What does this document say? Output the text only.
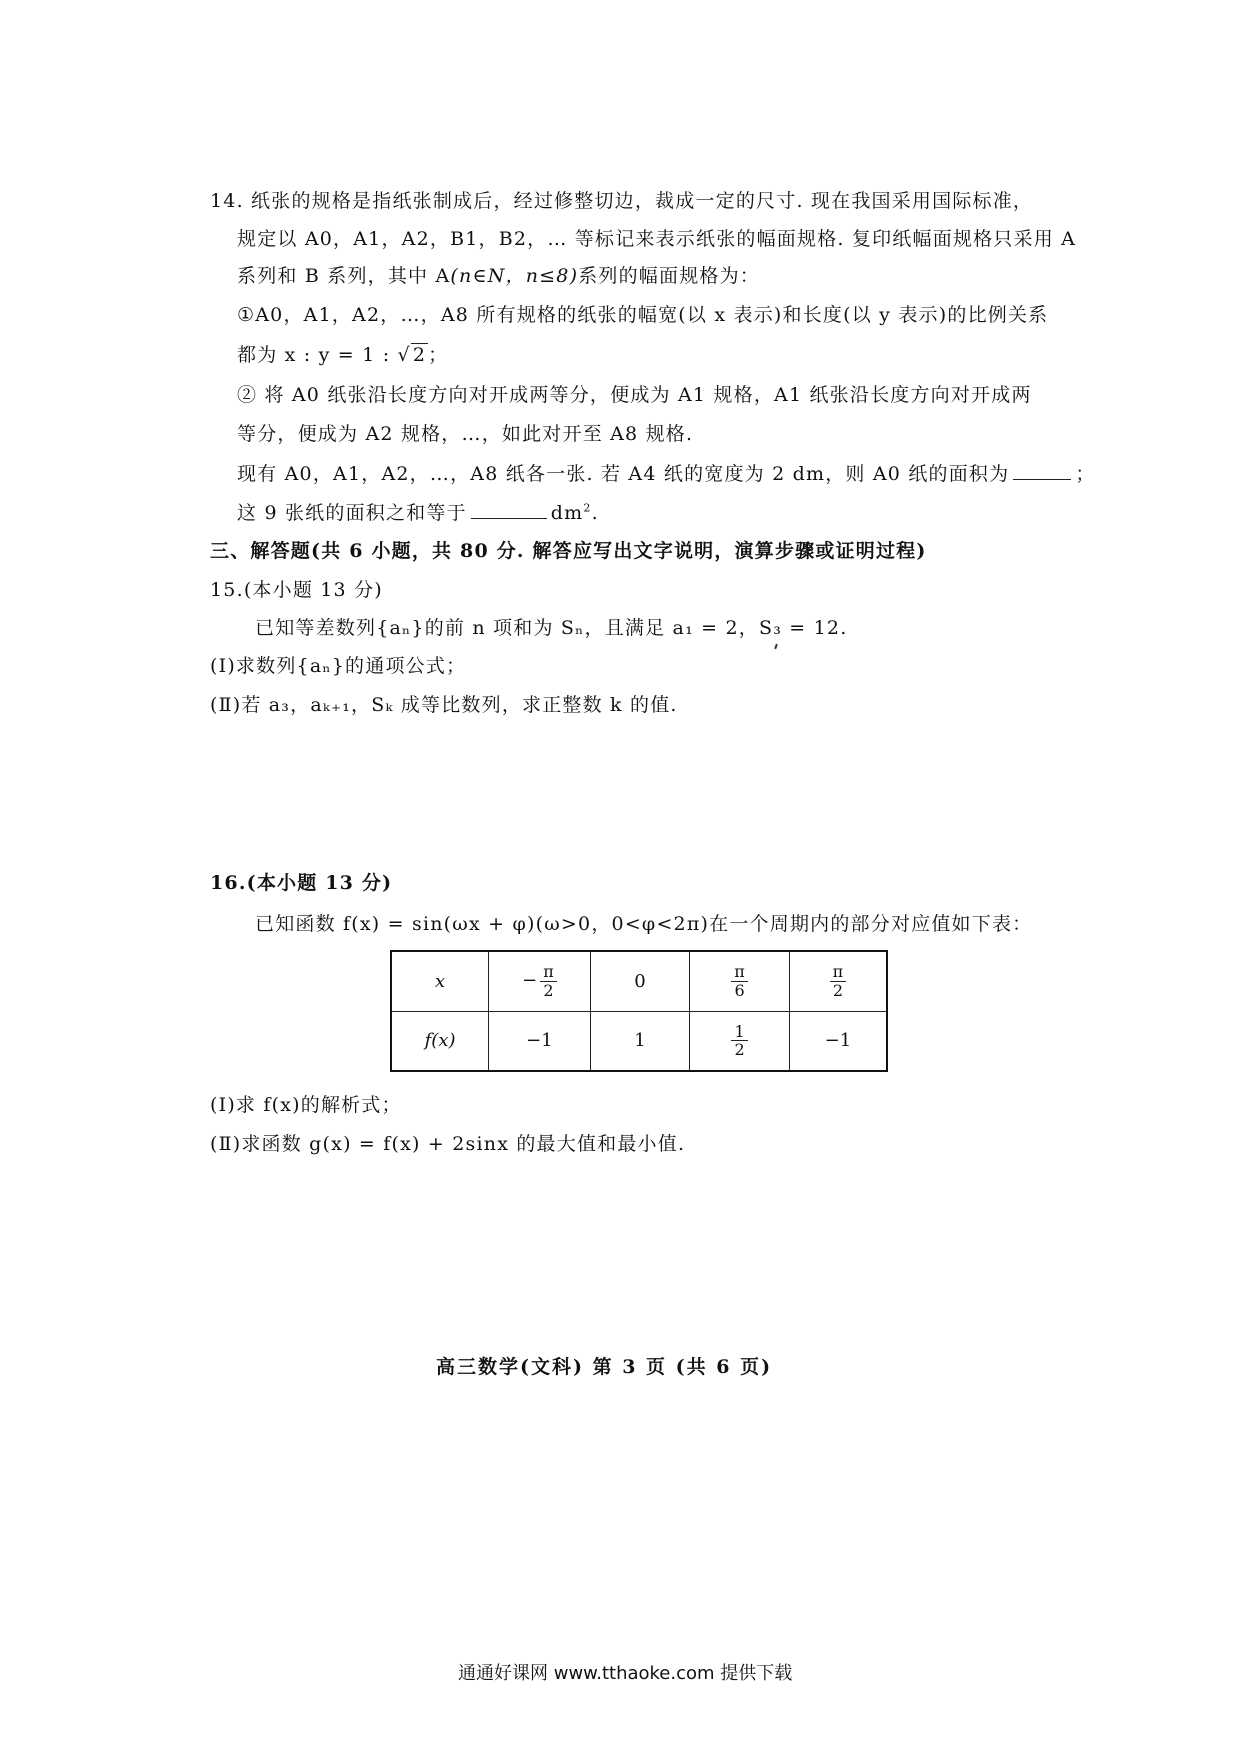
14. 纸张的规格是指纸张制成后，经过修整切边，裁成一定的尺寸. 现在我国采用国际标准，
规定以 A0，A1，A2，B1，B2，… 等标记来表示纸张的幅面规格. 复印纸幅面规格只采用 A
系列和 B 系列，其中 A(n∈N，n≤8)系列的幅面规格为：
①A0，A1，A2，…，A8 所有规格的纸张的幅宽(以 x 表示)和长度(以 y 表示)的比例关系
都为 x : y = 1 : √ 2 ；
② 将 A0 纸张沿长度方向对开成两等分，便成为 A1 规格，A1 纸张沿长度方向对开成两
等分，便成为 A2 规格，…，如此对开至 A8 规格.
现有 A0，A1，A2，…，A8 纸各一张. 若 A4 纸的宽度为 2 dm，则 A0 纸的面积为	；
这 9 张纸的面积之和等于	$dm^2$.
三、解答题(共 6 小题，共 80 分. 解答应写出文字说明，演算步骤或证明过程)
15.(本小题 13 分)
已知等差数列{aₙ}的前 n 项和为 Sₙ，且满足 a₁ = 2，S₃ = 12.
(Ⅰ)求数列{aₙ}的通项公式；
(Ⅱ)若 a₃，aₖ₊₁，Sₖ 成等比数列，求正整数 k 的值.
16.(本小题 13 分)
已知函数 f(x) = sin(ωx + φ)(ω>0，0<φ<2π)在一个周期内的部分对应值如下表：
x	− $\frac{\pi}{2}$	0	$\frac{\pi}{6}$	$\frac{\pi}{2}$

f(x)	−1	1	$\frac{1}{2}$	−1
(Ⅰ)求 f(x)的解析式；
(Ⅱ)求函数 g(x) = f(x) + 2sinx 的最大值和最小值.
高三数学(文科) 第 3 页 (共 6 页)
通通好课网 www.tthaoke.com 提供下载
